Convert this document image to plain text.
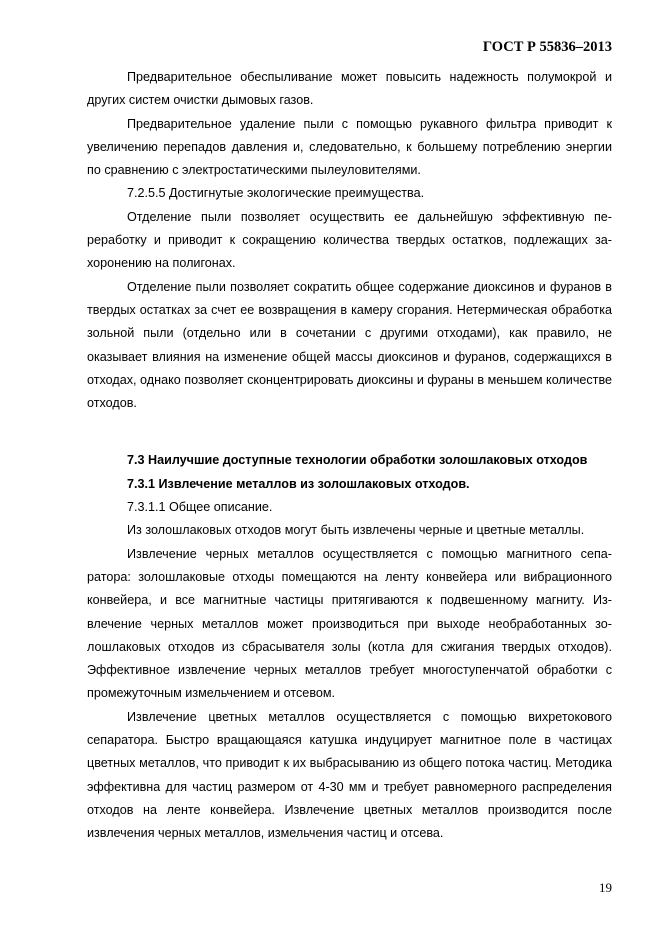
ГОСТ Р 55836–2013

Предварительное обеспыливание может повысить надежность полумокрой и других систем очистки дымовых газов.

Предварительное удаление пыли с помощью рукавного фильтра приводит к увеличению перепадов давления и, следовательно, к большему потреблению энергии по сравнению с электростатическими пылеуловителями.

7.2.5.5 Достигнутые экологические преимущества.

Отделение пыли позволяет осуществить ее дальнейшую эффективную переработку и приводит к сокращению количества твердых остатков, подлежащих захоронению на полигонах.

Отделение пыли позволяет сократить общее содержание диоксинов и фуранов в твердых остатках за счет ее возвращения в камеру сгорания. Нетермическая обработка зольной пыли (отдельно или в сочетании с другими отходами), как правило, не оказывает влияния на изменение общей массы диоксинов и фуранов, содержащихся в отходах, однако позволяет сконцентрировать диоксины и фураны в меньшем количестве отходов.

7.3 Наилучшие доступные технологии обработки золошлаковых отходов

7.3.1 Извлечение металлов из золошлаковых отходов.

7.3.1.1 Общее описание.

Из золошлаковых отходов могут быть извлечены черные и цветные металлы.

Извлечение черных металлов осуществляется с помощью магнитного сепаратора: золошлаковые отходы помещаются на ленту конвейера или вибрационного конвейера, и все магнитные частицы притягиваются к подвешенному магниту. Извлечение черных металлов может производиться при выходе необработанных золошлаковых отходов из сбрасывателя золы (котла для сжигания твердых отходов). Эффективное извлечение черных металлов требует многоступенчатой обработки с промежуточным измельчением и отсевом.

Извлечение цветных металлов осуществляется с помощью вихретокового сепаратора. Быстро вращающаяся катушка индуцирует магнитное поле в частицах цветных металлов, что приводит к их выбрасыванию из общего потока частиц. Методика эффективна для частиц размером от 4-30 мм и требует равномерного распределения отходов на ленте конвейера. Извлечение цветных металлов производится после извлечения черных металлов, измельчения частиц и отсева.

19
